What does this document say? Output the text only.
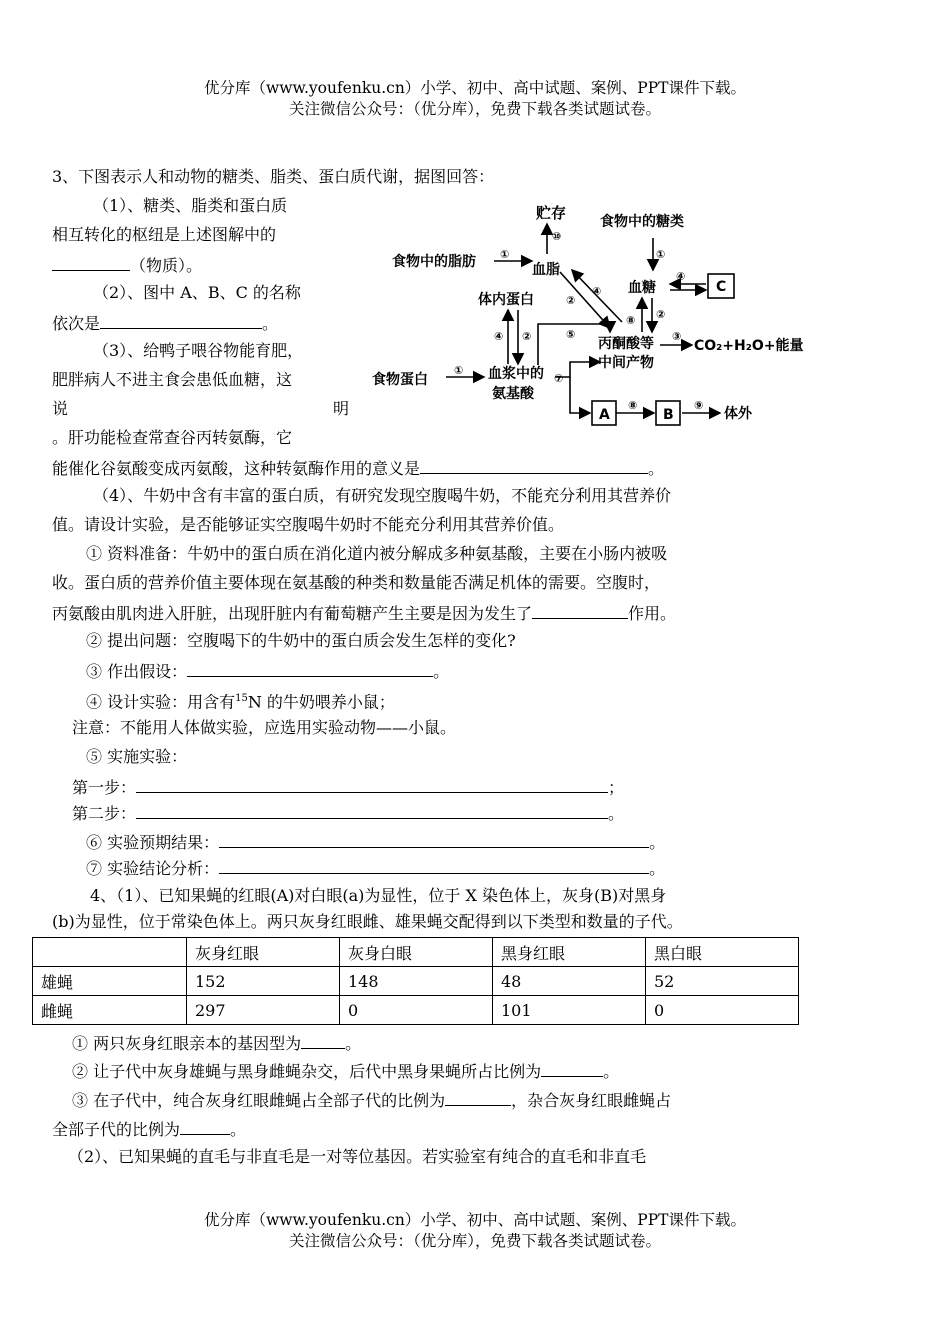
优分库（www.youfenku.cn）小学、初中、高中试题、案例、PPT课件下载。
关注微信公众号：（优分库），免费下载各类试题试卷。
3、下图表示人和动物的糖类、脂类、蛋白质代谢，据图回答：
（1）、糖类、脂类和蛋白质
相互转化的枢纽是上述图解中的
（物质）。
（2）、图中 A、B、C 的名称
依次是	。
（3）、给鸭子喂谷物能育肥，
肥胖病人不进主食会患低血糖，这
说	明
。肝功能检查常查谷丙转氨酶，它
能催化谷氨酸变成丙氨酸，这种转氨酶作用的意义是	。
（4）、牛奶中含有丰富的蛋白质，有研究发现空腹喝牛奶，不能充分利用其营养价
值。请设计实验，是否能够证实空腹喝牛奶时不能充分利用其营养价值。
① 资料准备：牛奶中的蛋白质在消化道内被分解成多种氨基酸，主要在小肠内被吸
收。蛋白质的营养价值主要体现在氨基酸的种类和数量能否满足机体的需要。空腹时，
丙氨酸由肌肉进入肝脏，出现肝脏内有葡萄糖产生主要是因为发生了	作用。
② 提出问题：空腹喝下的牛奶中的蛋白质会发生怎样的变化?
③ 作出假设：	。
④ 设计实验：用含有$^{15}$N 的牛奶喂养小鼠；
注意：不能用人体做实验，应选用实验动物——小鼠。
⑤ 实施实验：
第一步：	；
第二步：	。
⑥ 实验预期结果：	。
⑦ 实验结论分析：	。
贮存 食物中的糖类
食物中的脂肪	血脂
血糖	C
体内蛋白
丙酮酸等
中间产物
CO₂+H₂O+能量
食物蛋白	血浆中的
氨基酸
A	B	体外
⑩
①	①
④
④
②
⑧ ②
③
④ ②	⑤
①
⑦
⑧	⑨
4、（1）、已知果蝇的红眼(A)对白眼(a)为显性，位于 X 染色体上，灰身(B)对黑身
(b)为显性，位于常染色体上。两只灰身红眼雌、雄果蝇交配得到以下类型和数量的子代。
	灰身红眼	灰身白眼	黑身红眼	黑白眼
雄蝇	152	148	48	52
雌蝇	297	0	101	0
① 两只灰身红眼亲本的基因型为	。
② 让子代中灰身雄蝇与黑身雌蝇杂交，后代中黑身果蝇所占比例为	。
③ 在子代中，纯合灰身红眼雌蝇占全部子代的比例为	，杂合灰身红眼雌蝇占
全部子代的比例为	。
（2）、已知果蝇的直毛与非直毛是一对等位基因。若实验室有纯合的直毛和非直毛
优分库（www.youfenku.cn）小学、初中、高中试题、案例、PPT课件下载。
关注微信公众号：（优分库），免费下载各类试题试卷。
